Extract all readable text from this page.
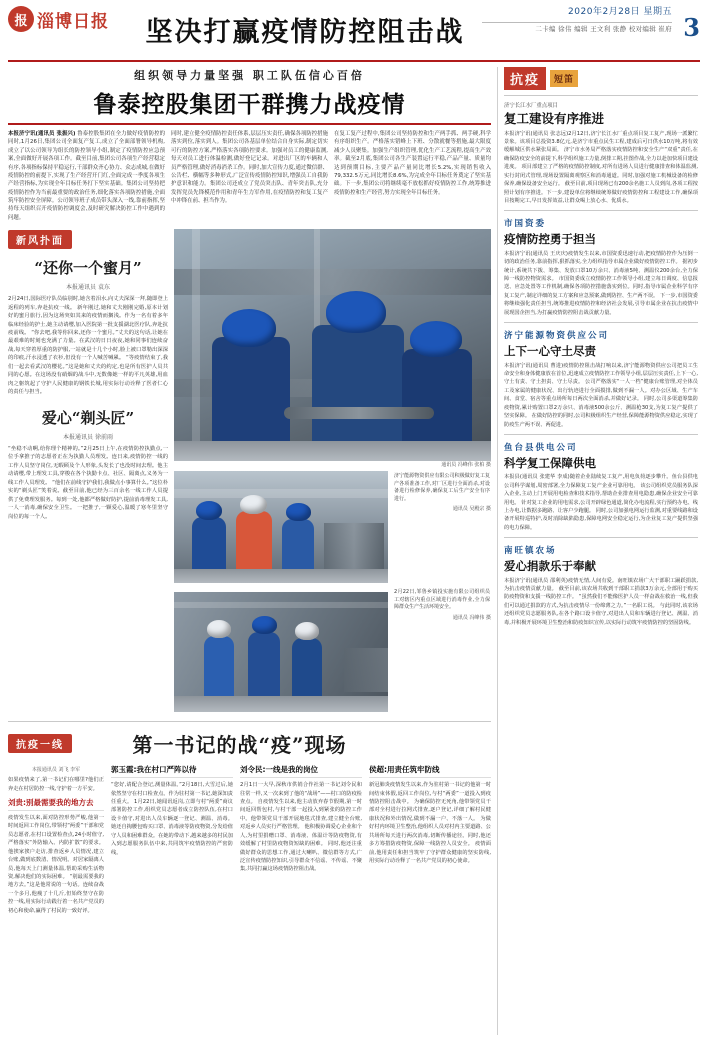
报 淄博日报	坚决打赢疫情防控阻击战
2020年2月28日 星期五
二卡编 徐伟 编辑 王文利 张静 校对编辑 崔府 3
组织领导力量坚强 职工队伍信心百倍
鲁泰控股集团干群携力战疫情
本报济宁讯(通讯员 张振兴) 鲁泰控股集团在全力做好疫情防控的同时,1月26日,集团公司全面复产复工,成立了全面部署领导机构,成立了以公司领导为组长的防控领导小组,制定了疫情防控应急预案,全面做好开展各项工作。截至目前,集团公司各项生产经营稳定有序,各项指标保持平稳运行,干部群众齐心协力、众志成城,在做好疫情防控的前提下,实现了生产经营开门红,全面完成一季度各项生产经营指标,为实现全年目标任务打下坚实基础。集团公司坚持把疫情防控作为当前最重要的政治任务,细化落实各项防控措施,全面筑牢防控安全屏障。公司领导班子成员带头深入一线,靠前指挥,坚持每天组织召开疫情防控调度会,及时研究解决防控工作中遇到的问题。
同时,建立健全疫情防控责任体系,层层压实责任,确保各项防控措施落实到位,落实到人。集团公司各基层单位结合自身实际,制定切实可行的防控方案,严格落实各项防控要求。加强对员工的健康监测,每天对员工进行体温检测,做好登记记录。对进出厂区的车辆和人员严格管理,做好消毒消杀工作。同时,加大宣传力度,通过微信群、公告栏、横幅等多种形式,广泛宣传疫情防控知识,增强员工自我防护意识和能力。集团公司还成立了党员突击队、青年突击队,充分发挥党员先锋模范作用和青年生力军作用,在疫情防控和复工复产中冲锋在前、担当作为。
在复工复产过程中,集团公司坚持防控和生产两手抓、两手硬,科学有序组织生产。严格落实错峰上下班、分散就餐等措施,最大限度减少人员聚集。加强生产组织管理,优化生产工艺流程,提高生产效率。截至2月底,集团公司各生产装置运行平稳,产品产量、质量均达到预期目标,主要产品产量同比增长5.2%,实现销售收入79,332.5万元,同比增长8.6%,为完成全年目标任务奠定了坚实基础。下一步,集团公司将继续毫不放松抓好疫情防控工作,统筹推进疫情防控和生产经营,努力实现全年目标任务。
新风扑面
“还你一个蜜月”
本报通讯员 袁东
2月24日,国际医疗队员临别时,她含着泪水,向丈夫深深一拜,随即登上返程的列车,奔赴抗疫一线。 新年刚过,她和丈夫刚刚完婚,原本计划好的蜜月旅行,因为这场突如其来的疫情而搁浅。作为一名有着多年临床经验的护士,她主动请缨,加入医院第一批支援湖北医疗队,奔赴抗疫前线。 “你去吧,我等你回来,还你一个蜜月。”丈夫的这句话,让她在最艰难的时刻也充满了力量。在武汉的日日夜夜,她和同事们连续奋战,每天穿着厚重的防护服,一站就是十几个小时,脸上被口罩勒出深深的印痕,汗水浸透了衣衫,但没有一个人喊苦喊累。 “等疫情结束了,我们一起去看武汉的樱花。”这是她和丈夫的约定,也是所有医护人员共同的心愿。在这场没有硝烟的战斗中,无数像她一样的平凡英雄,用血肉之躯筑起了守护人民健康的钢铁长城,用实际行动诠释了医者仁心的责任与担当。
爱心“剃头匠”
本报通讯员 徐前雨
“坐稳不动啊,给你理个精神的。”2月25日上午,在疫情防控执勤点,一位手拿推子的志愿者正在为执勤人员理发。连日来,疫情防控一线的工作人员坚守岗位,无暇顾及个人形象,头发长了也没时间去理。他主动请缨,带上理发工具,穿梭在各个执勤卡点、社区、隔离点,义务为一线工作人员理发。 “他们在前线守护我们,我做点小事算什么。”这位朴实的“剃头匠”笑着说。截至目前,他已经为三百余名一线工作人员提供了免费理发服务。每到一处,他都严格做好防护,提前消毒理发工具,一人一消毒,确保安全卫生。 一把推子,一颗爱心,温暖了寒冬里坚守岗位的每一个人。
通讯员 冯峰伟 张柏 摄
济宁能源物资供应有限公司积极做好复工复产各项准备工作,对厂区进行全面消杀,对设备进行检修保养,确保复工后生产安全有序进行。
通讯员 吴殿宗 摄
2月22日,邹鲁乡镇投实施有限公司组织员工对辖区内重点区域进行消毒作业,全力保障群众生产生活环境安全。
通讯员 冯峰伟 摄
抗疫一线	第一书记的战“疫”现场
本报通讯员 刘飞 李军
如果疫情来了,第一书记们在哪里?他们正奔走在村居防控一线,守护着一方平安。
刘贵:别最需要我的地方去
疫情发生以来,面对防控形势严峻,他第一时间返回工作岗位,带领村“两委”干部和党员志愿者,在村口设置检查点,24小时值守,严格落实“外防输入、内防扩散”的要求。 他挨家挨户走访,排查返乡人员情况,建立台账,做到底数清、情况明。对居家隔离人员,他每天上门测量体温,帮助采购生活物资,解决他们的实际困难。 “别最需要我的地方去。”这是他常说的一句话。连续奋战一个多月,他瘦了十几斤,但始终坚守在防控一线,用实际行动践行着一名共产党员的初心和使命,赢得了村民的一致好评。
郭玉霞:我在村口严阵以待
“您好,请配合登记,测量体温。”2月18日,大雪过后,她依然坚守在村口检查点。作为驻村第一书记,她深知责任重大。 1月22日,她闻讯返岗,立即与村“两委”商议部署防控工作,组织党员志愿者成立防控队伍,在村口设卡值守,对进出人员车辆逐一登记、测温、消毒。 她还自掏腰包购买口罩、消毒液等防疫物资,分发给值守人员和困难群众。在她的带动下,越来越多的村民加入到志愿服务队伍中来,共同筑牢疫情防控的严密防线。
刘令民:一线是我的岗位
2月1日一大早,深秋市供销合作社第一书记刘令民和往常一样,又一次来到了他的“战场”——村口的防疫检查点。 自疫情发生以来,他主动放弃春节假期,第一时间返回帮包村,与村干部一起投入到紧张的防控工作中。他带领党员干部开展地毯式排查,建立健全台账,对返乡人员实行严格管理。 他积极协调爱心企业和个人,为村里捐赠口罩、消毒液、体温计等防疫物资,有效缓解了村里防疫物资短缺的困难。 同时,他还注重做好群众的思想工作,通过大喇叭、微信群等方式,广泛宣传疫情防控知识,引导群众不信谣、不传谣、不聚集,共同打赢这场疫情防控阻击战。
侯超:用责任筑牢防线
新冠肺炎疫情发生以来,作为驻村第一书记的他第一时间结束休假,返回工作岗位,与村“两委”一道投入到疫情防控阻击战中。 为确保防控无死角,他带领党员干部对全村进行拉网式排查,逐户登记,详细了解村民健康状况和外出情况,做到不漏一户、不落一人。 为做好村内环境卫生整治,他组织人员对村内主要道路、公共场所每天进行两次消毒,切断传播途径。同时,他还多方筹措防疫物资,保障一线防控人员安全。 疫情面前,他用责任和担当筑牢了守护群众健康的坚实防线,用实际行动诠释了一名共产党员的初心使命。
抗疫	短笛
济宁长江水厂重点项目
复工建设有序推进
本报济宁讯(通讯员 张志远)2月12日,济宁长江水厂重点项目复工复产,现场一派繁忙景象。该项目总投资3.8亿元,是济宁市重点民生工程,建成后可日供水10万吨,将有效缓解城区供水紧张局面。 济宁市水务局严格落实疫情防控和安全生产“双重”责任,在确保防疫安全的前提下,科学组织施工力量,倒排工期,挂图作战,全力以赴加快项目建设进度。 项目部建立了严格的疫情防控制度,对所有进场人员进行健康排查和体温监测,实行封闭式管理,现场设置隔离观察区和消毒通道。同时,加强对施工机械设备的检修保养,确保设备安全运行。 截至目前,项目现场已有200余名施工人员到岗,各项工程按照计划有序推进。下一步,建设单位将继续统筹做好疫情防控和工程建设工作,确保项目按期完工,早日发挥效益,让群众喝上放心水、优质水。
市国资委
疫情防控勇于担当
本报济宁讯(通讯员 王庆庆)疫情发生以来,市国资委迅速行动,把疫情防控作为压倒一切的政治任务,靠前指挥,狠抓落实,全力组织指导市属企业做好疫情防控工作。 据初步统计,系统共下拨、筹集、发放口罩10万余只、消毒液5吨、测温仪200余台,全力保障一线防控物资需求。 市国资委成立疫情防控工作领导小组,建立每日调度、信息报送、应急处置等工作机制,确保各项防控措施落实到位。同时,指导市属企业科学有序复工复产,制定详细的复工方案和应急预案,做到防控、生产两不误。 下一步,市国资委将继续强化责任担当,统筹推进疫情防控和经济社会发展,引导市属企业在抗击疫情中展现国企担当,为打赢疫情防控阻击战贡献力量。
济宁能源物资供应公司
上下一心守土尽责
本报济宁讯(通讯员 曹进)疫情防控阻击战打响以来,济宁能源物资供应公司把员工生命安全和身体健康放在首位,迅速成立疫情防控工作领导小组,层层压实责任,上下一心,守土有责、守土担责、守土尽责。 公司严格落实“一人一档”健康台账管理,对全体员工及家属的健康状况、出行轨迹进行全面摸排,做到不漏一人。对办公区域、生产车间、食堂、宿舍等重点场所每日两次全面消杀,并做好记录。 同时,公司多渠道筹集防疫物资,累计购置口罩2万余只、消毒液500余公斤、测温枪30支,为复工复产提供了坚实保障。 在做好防控的同时,公司积极组织生产经营,保障能源物资供应稳定,实现了防疫生产两不误、两促进。
鱼台县供电公司
科学复工保障供电
本报县(通讯员 张建华 李成)随着企业陆续复工复产,用电负荷逐步攀升。鱼台县供电公司科学谋划,周密部署,全力保障复工复产企业可靠用电。 该公司组织党员服务队深入企业,主动上门开展用电检查和技术指导,帮助企业排查用电隐患,确保企业安全可靠用电。 针对复工企业的用电需求,公司开辟绿色通道,简化办电流程,实行预约办电、线上办电,让数据多跑路、让客户少跑腿。 同时,公司加强电网运行监测,对重要线路和设备开展特巡特护,及时消除缺陷隐患,保障电网安全稳定运行,为企业复工复产提供坚强的电力保障。
南旺镇农场
爱心捐款乐于奉献
本报济宁讯(通讯员 邵利英)疫情无情,人间有爱。南旺镇农场广大干部职工踊跃捐款,为抗击疫情贡献力量。 截至目前,该农场共收到干部职工捐款3万余元,全部用于购买防疫物资和支援一线防控工作。 “虽然我们不能像医护人员一样奋战在救治一线,但我们可以通过捐款的方式,为抗击疫情尽一份绵薄之力。”一名职工说。 与此同时,该农场还组织党员志愿服务队,在各个路口设卡值守,对进出人员和车辆进行登记、测温、消毒,并积极开展环境卫生整治和防疫知识宣传,以实际行动筑牢疫情防控的坚固防线。
